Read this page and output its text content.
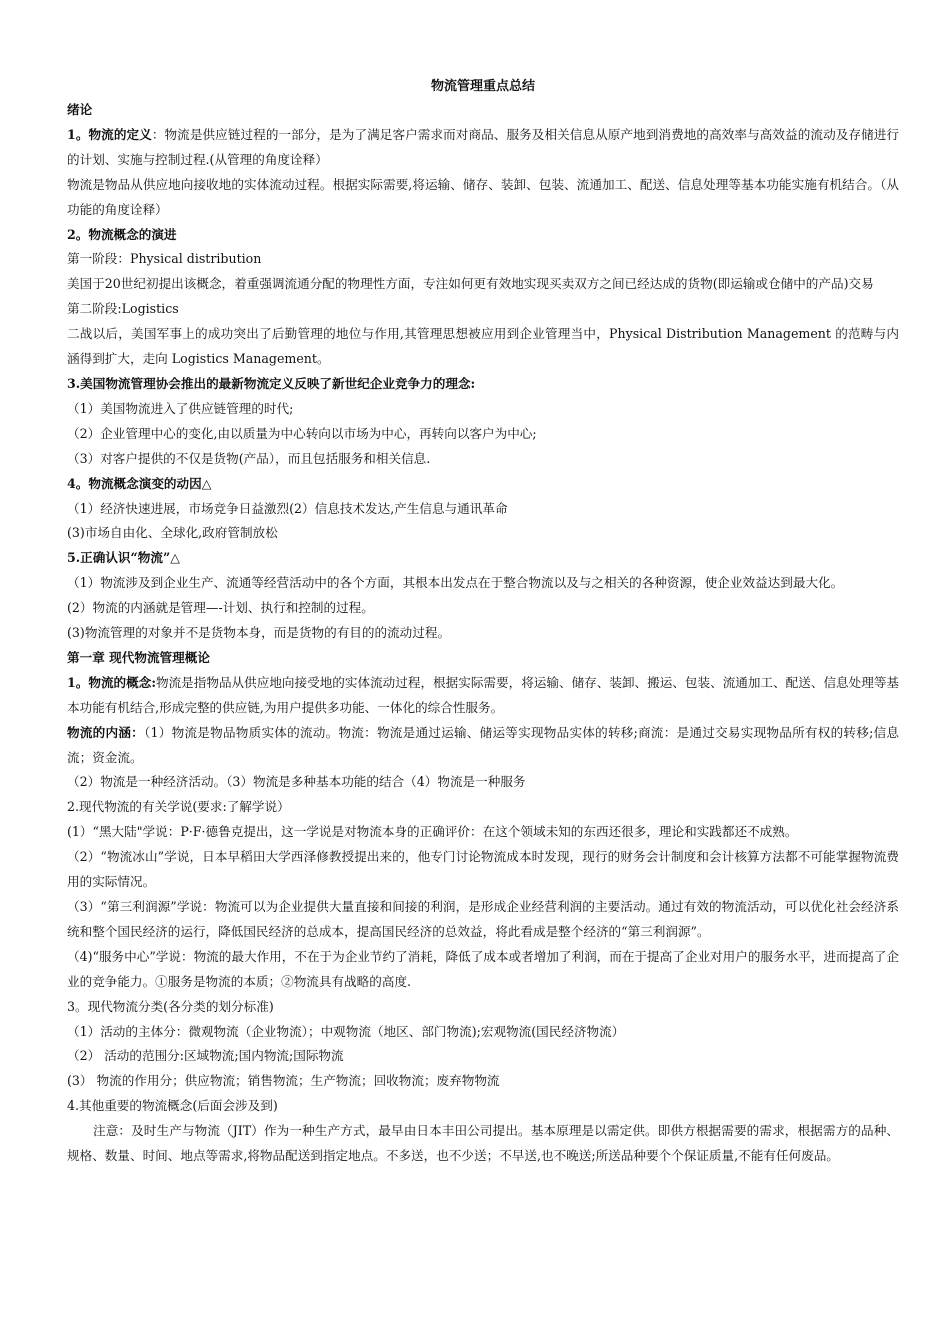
物流管理重点总结

绪论

1。物流的定义：物流是供应链过程的一部分，是为了满足客户需求而对商品、服务及相关信息从原产地到消费地的高效率与高效益的流动及存储进行的计划、实施与控制过程.(从管理的角度诠释）

物流是物品从供应地向接收地的实体流动过程。根据实际需要,将运输、储存、装卸、包装、流通加工、配送、信息处理等基本功能实施有机结合。（从功能的角度诠释）

2。物流概念的演进

第一阶段：Physical distribution

美国于20世纪初提出该概念，着重强调流通分配的物理性方面，专注如何更有效地实现买卖双方之间已经达成的货物(即运输或仓储中的产品)交易

第二阶段:Logistics

二战以后，美国军事上的成功突出了后勤管理的地位与作用,其管理思想被应用到企业管理当中，Physical Distribution Management 的范畴与内涵得到扩大，走向 Logistics Management。

3.美国物流管理协会推出的最新物流定义反映了新世纪企业竞争力的理念:

（1）美国物流进入了供应链管理的时代;

（2）企业管理中心的变化,由以质量为中心转向以市场为中心，再转向以客户为中心;

（3）对客户提供的不仅是货物(产品），而且包括服务和相关信息.

4。物流概念演变的动因△

（1）经济快速进展，市场竞争日益激烈(2）信息技术发达,产生信息与通讯革命

(3)市场自由化、全球化,政府管制放松

5.正确认识“物流”△

（1）物流涉及到企业生产、流通等经营活动中的各个方面，其根本出发点在于整合物流以及与之相关的各种资源，使企业效益达到最大化。

(2）物流的内涵就是管理—-计划、执行和控制的过程。

(3)物流管理的对象并不是货物本身，而是货物的有目的的流动过程。

第一章 现代物流管理概论

1。物流的概念:物流是指物品从供应地向接受地的实体流动过程，根据实际需要，将运输、储存、装卸、搬运、包装、流通加工、配送、信息处理等基本功能有机结合,形成完整的供应链,为用户提供多功能、一体化的综合性服务。

物流的内涵：（1）物流是物品物质实体的流动。物流：物流是通过运输、储运等实现物品实体的转移;商流：是通过交易实现物品所有权的转移;信息流；资金流。

（2）物流是一种经济活动。（3）物流是多种基本功能的结合（4）物流是一种服务

2.现代物流的有关学说(要求:了解学说）

(1）“黑大陆"学说：P·F·德鲁克提出，这一学说是对物流本身的正确评价：在这个领域未知的东西还很多，理论和实践都还不成熟。

（2）“物流冰山”学说，日本早稻田大学西泽修教授提出来的，他专门讨论物流成本时发现，现行的财务会计制度和会计核算方法都不可能掌握物流费用的实际情况。

（3）“第三利润源”学说：物流可以为企业提供大量直接和间接的利润，是形成企业经营利润的主要活动。通过有效的物流活动，可以优化社会经济系统和整个国民经济的运行，降低国民经济的总成本，提高国民经济的总效益，将此看成是整个经济的“第三利润源”。

（4)“服务中心”学说：物流的最大作用，不在于为企业节约了消耗，降低了成本或者增加了利润，而在于提高了企业对用户的服务水平，进而提高了企业的竞争能力。①服务是物流的本质；②物流具有战略的高度.

3。现代物流分类(各分类的划分标准)

（1）活动的主体分：微观物流（企业物流）；中观物流（地区、部门物流);宏观物流(国民经济物流）

（2） 活动的范围分:区域物流;国内物流;国际物流

(3） 物流的作用分；供应物流；销售物流；生产物流；回收物流；废弃物物流

4.其他重要的物流概念(后面会涉及到)

注意：及时生产与物流（JIT）作为一种生产方式，最早由日本丰田公司提出。基本原理是以需定供。即供方根据需要的需求，根据需方的品种、规格、数量、时间、地点等需求,将物品配送到指定地点。不多送，也不少送；不早送,也不晚送;所送品种要个个保证质量,不能有任何废品。
